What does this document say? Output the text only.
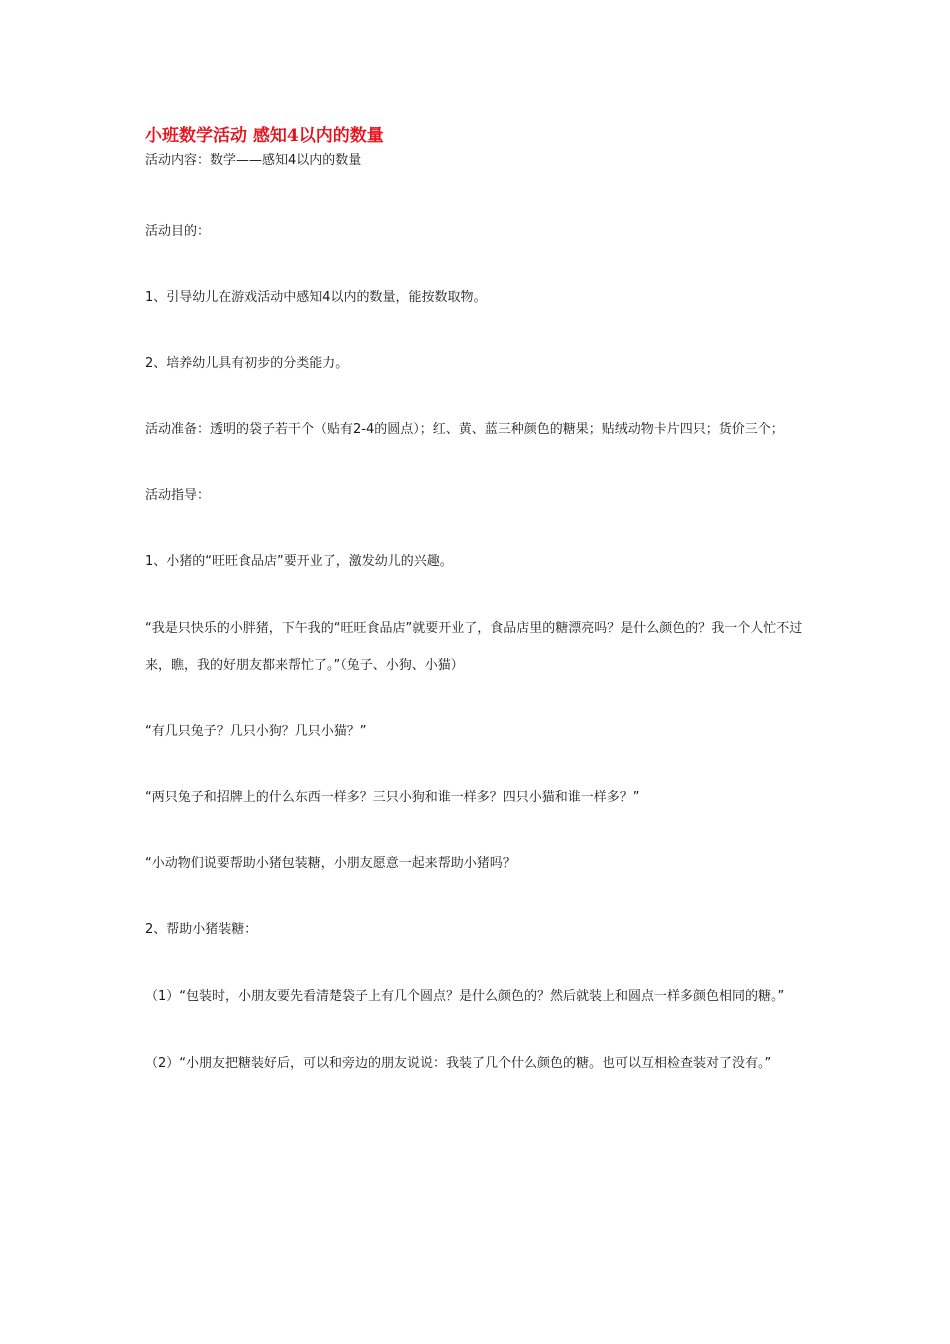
小班数学活动 感知4以内的数量

活动内容：数学——感知4以内的数量

活动目的：

1、引导幼儿在游戏活动中感知4以内的数量，能按数取物。

2、培养幼儿具有初步的分类能力。

活动准备：透明的袋子若干个（贴有2-4的圆点）；红、黄、蓝三种颜色的糖果；贴绒动物卡片四只；货价三个；

活动指导：

1、小猪的“旺旺食品店”要开业了，激发幼儿的兴趣。

“我是只快乐的小胖猪，下午我的“旺旺食品店”就要开业了，食品店里的糖漂亮吗？是什么颜色的？我一个人忙不过来，瞧，我的好朋友都来帮忙了。”（兔子、小狗、小猫）

“有几只兔子？几只小狗？几只小猫？”

“两只兔子和招牌上的什么东西一样多？三只小狗和谁一样多？四只小猫和谁一样多？”

“小动物们说要帮助小猪包装糖，小朋友愿意一起来帮助小猪吗？

2、帮助小猪装糖：

（1）“包装时，小朋友要先看清楚袋子上有几个圆点？是什么颜色的？然后就装上和圆点一样多颜色相同的糖。”

（2）“小朋友把糖装好后，可以和旁边的朋友说说：我装了几个什么颜色的糖。也可以互相检查装对了没有。”
